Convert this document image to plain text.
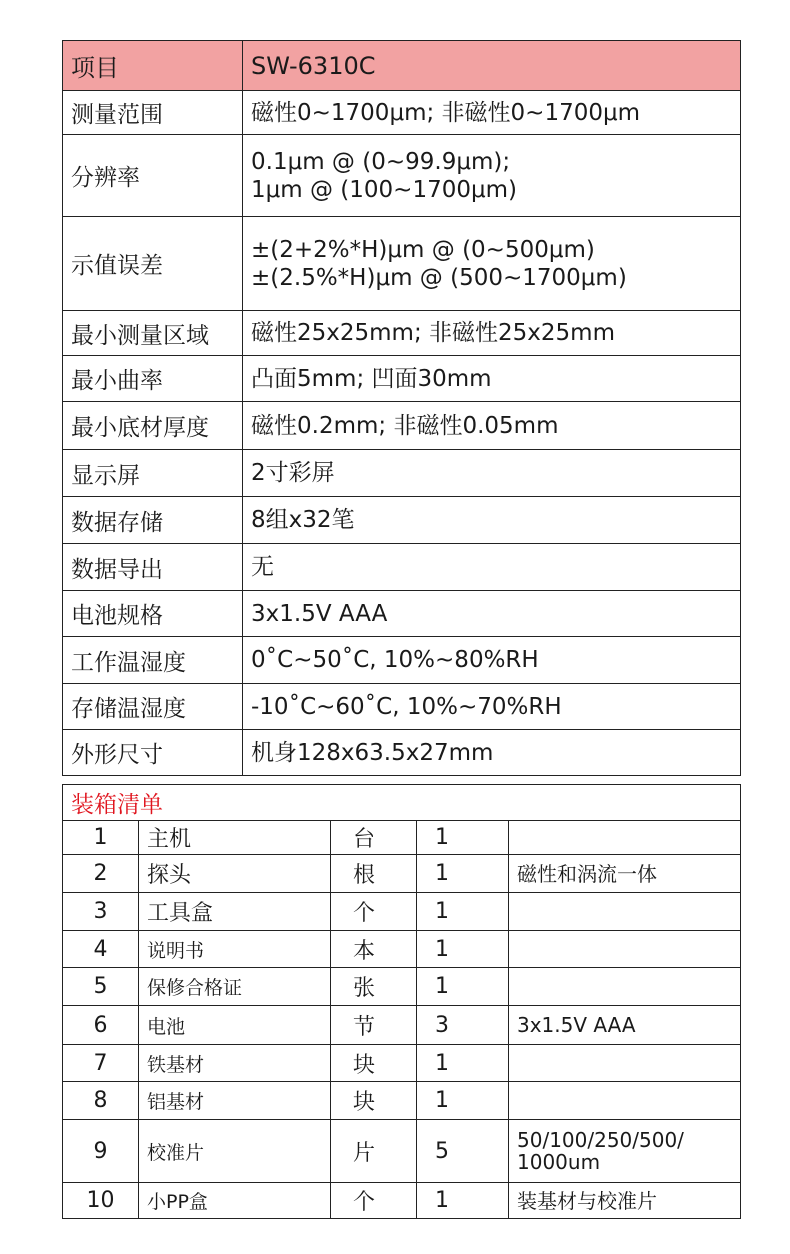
项目	SW-6310C
测量范围	磁性0~1700μm; 非磁性0~1700μm

分辨率	0.1μm @ (0~99.9μm);
1μm @ (100~1700μm)

示值误差	±(2+2%*H)μm @ (0~500μm)
±(2.5%*H)μm @ (500~1700μm)

最小测量区域	磁性25x25mm; 非磁性25x25mm

最小曲率	凸面5mm; 凹面30mm

最小底材厚度	磁性0.2mm; 非磁性0.05mm

显示屏	2寸彩屏

数据存储	8组x32笔

数据导出	无

电池规格	3x1.5V AAA

工作温湿度	0˚C~50˚C, 10%~80%RH

存储温湿度	-10˚C~60˚C, 10%~70%RH

外形尺寸	机身128x63.5x27mm
装箱清单				
1	主机	台	1	
2	探头	根	1	磁性和涡流一体
3	工具盒	个	1	
4	说明书	本	1	
5	保修合格证	张	1	
6	电池	节	3	3x1.5V AAA
7	铁基材	块	1	
8	铝基材	块	1	
9	校准片	片	5	50/100/250/500/ 1000um
10	小PP盒	个	1	装基材与校准片
